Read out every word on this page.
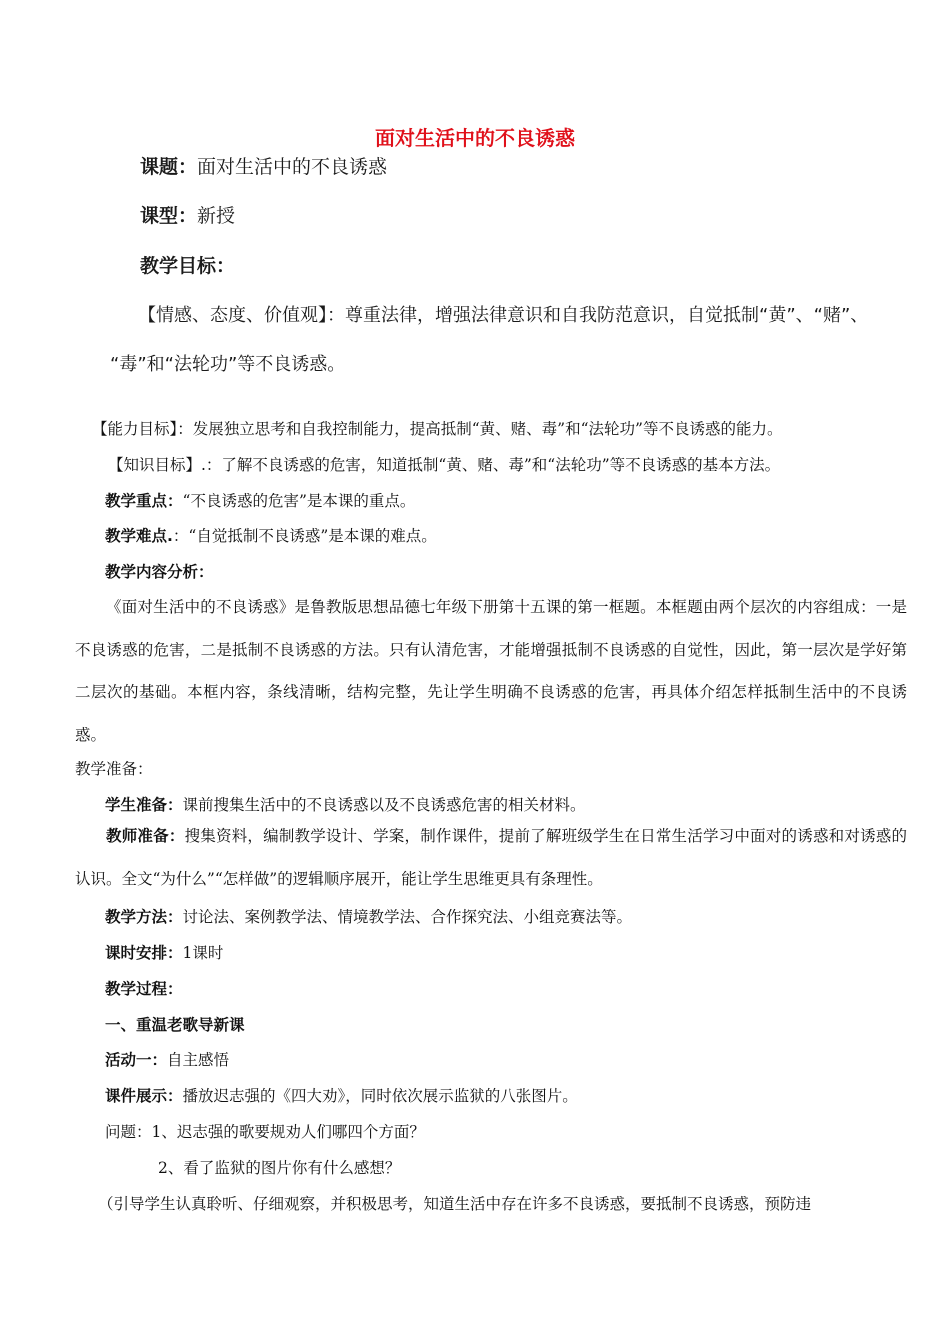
面对生活中的不良诱惑
课题：面对生活中的不良诱惑
课型：新授
教学目标：
【情感、态度、价值观】：尊重法律，增强法律意识和自我防范意识，自觉抵制“黄”、“赌”、
“毒”和“法轮功”等不良诱惑。
【能力目标】：发展独立思考和自我控制能力，提高抵制“黄、赌、毒”和“法轮功”等不良诱惑的能力。
【知识目标】.：了解不良诱惑的危害，知道抵制“黄、赌、毒”和“法轮功”等不良诱惑的基本方法。
教学重点：“不良诱惑的危害”是本课的重点。
教学难点.：“自觉抵制不良诱惑”是本课的难点。
教学内容分析：
《面对生活中的不良诱惑》是鲁教版思想品德七年级下册第十五课的第一框题。本框题由两个层次的内容组成：一是不良诱惑的危害，二是抵制不良诱惑的方法。只有认清危害，才能增强抵制不良诱惑的自觉性，因此，第一层次是学好第二层次的基础。本框内容，条线清晰，结构完整，先让学生明确不良诱惑的危害，再具体介绍怎样抵制生活中的不良诱惑。
教学准备：
学生准备：课前搜集生活中的不良诱惑以及不良诱惑危害的相关材料。
教师准备：搜集资料，编制教学设计、学案，制作课件，提前了解班级学生在日常生活学习中面对的诱惑和对诱惑的认识。全文“为什么”“怎样做”的逻辑顺序展开，能让学生思维更具有条理性。
教学方法：讨论法、案例教学法、情境教学法、合作探究法、小组竞赛法等。
课时安排：1课时
教学过程：
一、重温老歌导新课
活动一：自主感悟
课件展示：播放迟志强的《四大劝》，同时依次展示监狱的八张图片。
问题：1、迟志强的歌要规劝人们哪四个方面？
2、看了监狱的图片你有什么感想？
（引导学生认真聆听、仔细观察，并积极思考，知道生活中存在许多不良诱惑，要抵制不良诱惑，预防违
